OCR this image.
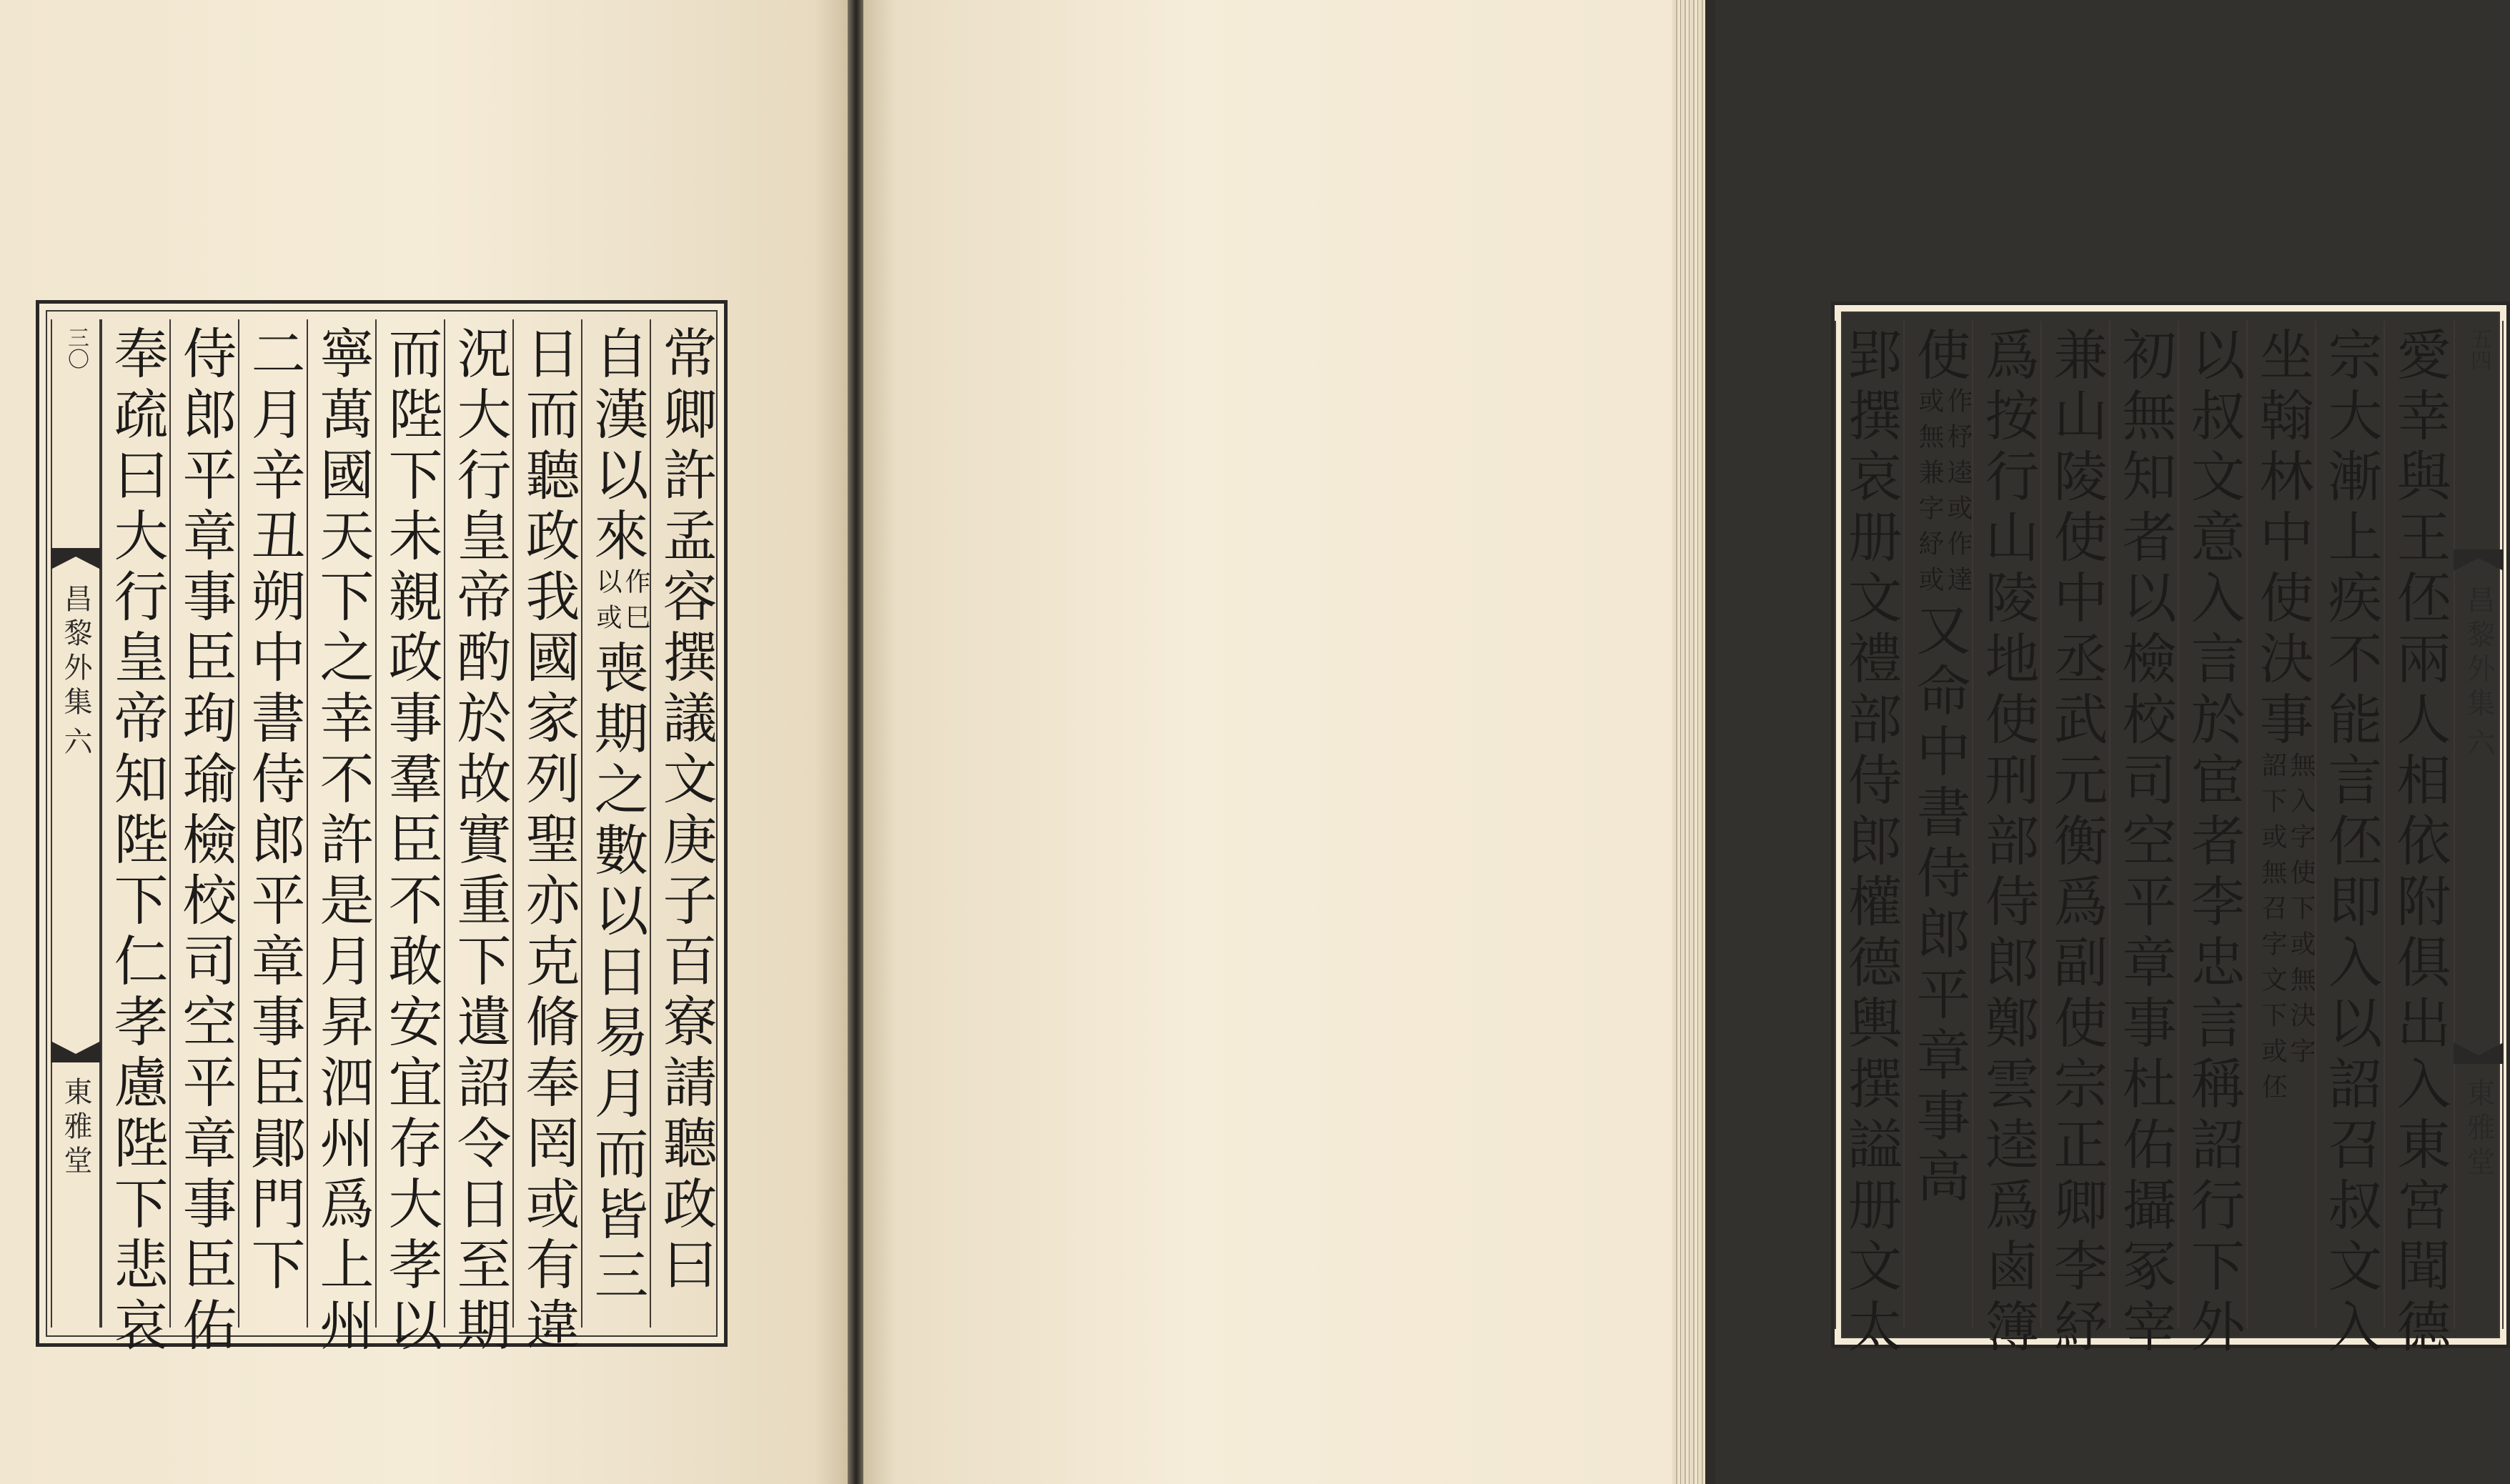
常卿許孟容撰議文庚子百寮請聽政曰
自漢以來以或作巳喪期之數以日易月而皆三
日而聽政我國家列聖亦克脩奉罔或有違
況大行皇帝酌於故實重下遺詔令日至期
而陛下未親政事羣臣不敢安宜存大孝以
寧萬國天下之幸不許是月昇泗州爲上州
二月辛丑朔中書侍郎平章事臣鄖門下
侍郎平章事臣珣瑜檢校司空平章事臣佑
奉疏曰大行皇帝知陛下仁孝慮陛下悲哀
三〇
昌黎外集
六
東雅堂	愛幸與王伾兩人相依附俱出入東宮聞德
宗大漸上疾不能言伾即入以詔召叔文入
坐翰林中使決事詔下或無召字文下或伾無入字使下或無決字
以叔文意入言於宦者李忠言稱詔行下外
初無知者以檢校司空平章事杜佑攝冢宰
兼山陵使中丞武元衡爲副使宗正卿李紓
爲按行山陵地使刑部侍郎鄭雲逵爲鹵簿
使或無兼字紓或作杼逵或作達又命中書侍郎平章事高
郢撰哀册文禮部侍郎權德輿撰謚册文太	五四
昌黎外集
六
東雅堂
